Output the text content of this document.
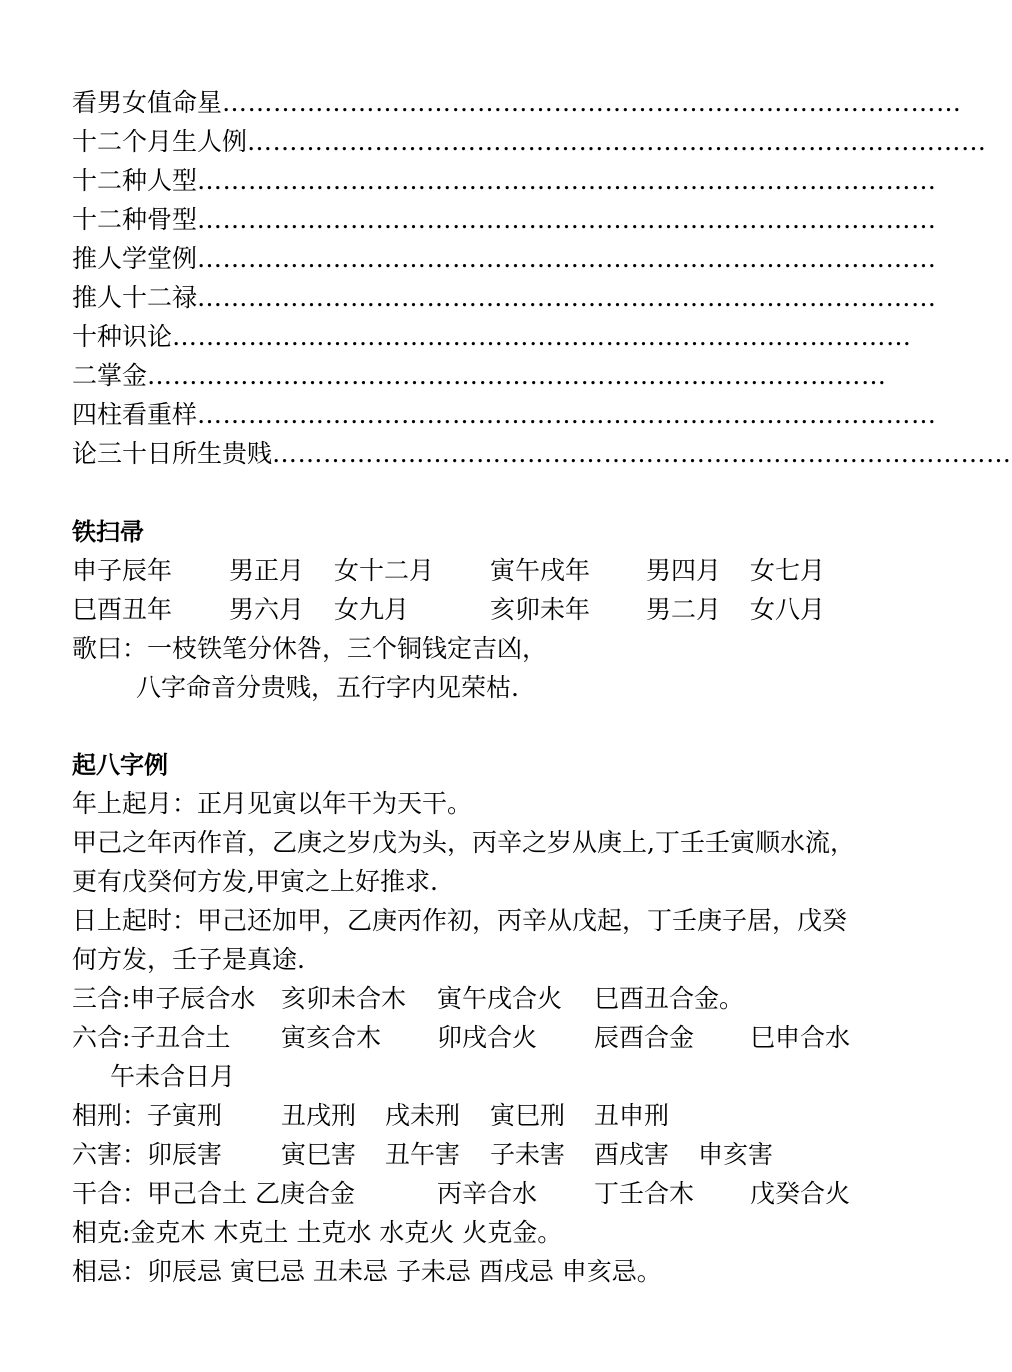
看男女值命星……………………………………………………………………………
十二个月生人例……………………………………………………………………………
十二种人型……………………………………………………………………………
十二种骨型……………………………………………………………………………
推人学堂例……………………………………………………………………………
推人十二禄……………………………………………………………………………
十种识论……………………………………………………………………………
二掌金……………………………………………………………………………
四柱看重样……………………………………………………………………………
论三十日所生贵贱……………………………………………………………………………
铁扫帚
申子辰年 男正月 女十二月 寅午戌年 男四月 女七月
巳酉丑年 男六月 女九月	亥卯未年 男二月 女八月
歌曰：一枝铁笔分休咎，三个铜钱定吉凶，
八字命音分贵贱，五行字内见荣枯.
起八字例
年上起月：正月见寅以年干为天干。
甲己之年丙作首，乙庚之岁戊为头，丙辛之岁从庚上,丁壬壬寅顺水流，
更有戊癸何方发,甲寅之上好推求.
日上起时：甲己还加甲，乙庚丙作初，丙辛从戊起，丁壬庚子居，戊癸
何方发，壬子是真途.
三合:申子辰合水 亥卯未合木 寅午戌合火 巳酉丑合金。
六合:子丑合土 寅亥合木 卯戌合火 辰酉合金 巳申合水
午未合日月
相刑：子寅刑 丑戌刑 戌未刑 寅巳刑 丑申刑
六害：卯辰害 寅巳害 丑午害 子未害 酉戌害 申亥害
干合：甲己合土 乙庚合金	丙辛合水 丁壬合木 戊癸合火
相克:金克木 木克土 土克水 水克火 火克金。
相忌：卯辰忌 寅巳忌 丑未忌 子未忌 酉戌忌 申亥忌。
